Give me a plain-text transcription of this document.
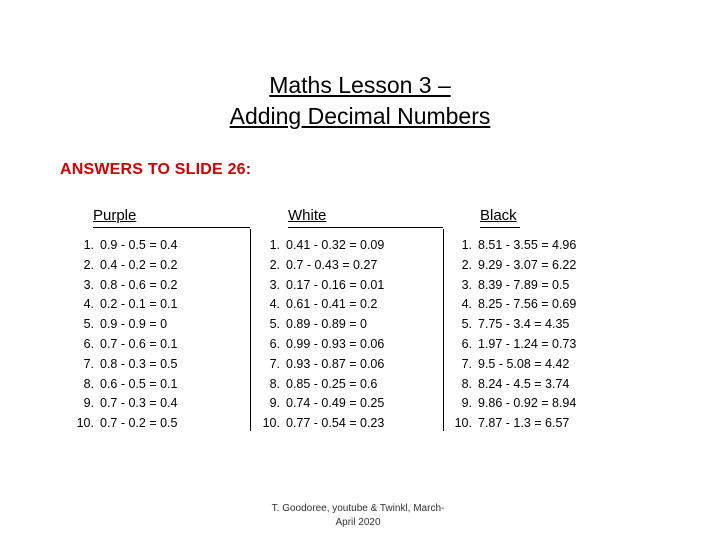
Maths Lesson 3 –
Adding Decimal Numbers
ANSWERS TO SLIDE 26:
Purple	White	Black
1. 0.9 - 0.5 = 0.4
2. 0.4 - 0.2 = 0.2
3. 0.8 - 0.6 = 0.2
4. 0.2 - 0.1 = 0.1
5. 0.9 - 0.9 = 0
6. 0.7 - 0.6 = 0.1
7. 0.8 - 0.3 = 0.5
8. 0.6 - 0.5 = 0.1
9. 0.7 - 0.3 = 0.4
10. 0.7 - 0.2 = 0.5
1. 0.41 - 0.32 = 0.09
2. 0.7 - 0.43 = 0.27
3. 0.17 - 0.16 = 0.01
4. 0.61 - 0.41 = 0.2
5. 0.89 - 0.89 = 0
6. 0.99 - 0.93 = 0.06
7. 0.93 - 0.87 = 0.06
8. 0.85 - 0.25 = 0.6
9. 0.74 - 0.49 = 0.25
10. 0.77 - 0.54 = 0.23
1. 8.51 - 3.55 = 4.96
2. 9.29 - 3.07 = 6.22
3. 8.39 - 7.89 = 0.5
4. 8.25 - 7.56 = 0.69
5. 7.75 - 3.4 = 4.35
6. 1.97 - 1.24 = 0.73
7. 9.5 - 5.08 = 4.42
8. 8.24 - 4.5 = 3.74
9. 9.86 - 0.92 = 8.94
10. 7.87 - 1.3 = 6.57
T. Goodoree, youtube & Twinkl, March-
April 2020
